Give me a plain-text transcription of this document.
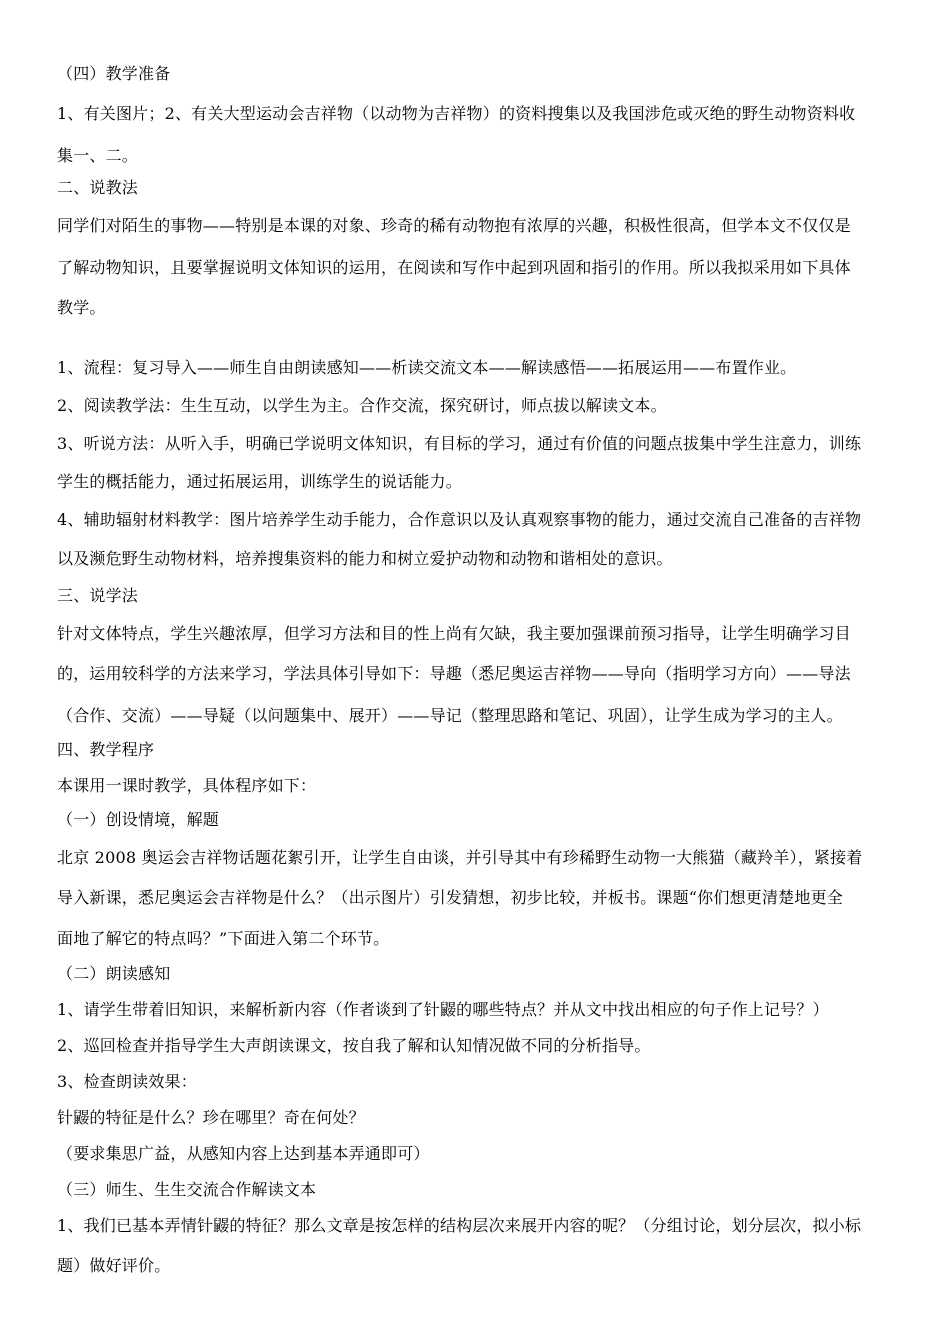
（四）教学准备
1、有关图片；2、有关大型运动会吉祥物（以动物为吉祥物）的资料搜集以及我国涉危或灭绝的野生动物资料收
集一、二。
二、说教法
同学们对陌生的事物——特别是本课的对象、珍奇的稀有动物抱有浓厚的兴趣，积极性很高，但学本文不仅仅是
了解动物知识，且要掌握说明文体知识的运用，在阅读和写作中起到巩固和指引的作用。所以我拟采用如下具体
教学。
1、流程：复习导入——师生自由朗读感知——析读交流文本——解读感悟——拓展运用——布置作业。
2、阅读教学法：生生互动，以学生为主。合作交流，探究研讨，师点拔以解读文本。
3、听说方法：从听入手，明确已学说明文体知识，有目标的学习，通过有价值的问题点拔集中学生注意力，训练
学生的概括能力，通过拓展运用，训练学生的说话能力。
4、辅助辐射材料教学：图片培养学生动手能力，合作意识以及认真观察事物的能力，通过交流自己准备的吉祥物
以及濒危野生动物材料，培养搜集资料的能力和树立爱护动物和动物和谐相处的意识。
三、说学法
针对文体特点，学生兴趣浓厚，但学习方法和目的性上尚有欠缺，我主要加强课前预习指导，让学生明确学习目
的，运用较科学的方法来学习，学法具体引导如下：导趣（悉尼奥运吉祥物——导向（指明学习方向）——导法
（合作、交流）——导疑（以问题集中、展开）——导记（整理思路和笔记、巩固），让学生成为学习的主人。
四、教学程序
本课用一课时教学，具体程序如下：
（一）创设情境，解题
北京 2008 奥运会吉祥物话题花絮引开，让学生自由谈，并引导其中有珍稀野生动物一大熊猫（藏羚羊），紧接着
导入新课，悉尼奥运会吉祥物是什么？（出示图片）引发猜想，初步比较，并板书。课题“你们想更清楚地更全
面地了解它的特点吗？”下面进入第二个环节。
（二）朗读感知
1、请学生带着旧知识，来解析新内容（作者谈到了针鼹的哪些特点？并从文中找出相应的句子作上记号？）
2、巡回检查并指导学生大声朗读课文，按自我了解和认知情况做不同的分析指导。
3、检查朗读效果：
针鼹的特征是什么？珍在哪里？奇在何处？
（要求集思广益，从感知内容上达到基本弄通即可）
（三）师生、生生交流合作解读文本
1、我们已基本弄情针鼹的特征？那么文章是按怎样的结构层次来展开内容的呢？（分组讨论，划分层次，拟小标
题）做好评价。
